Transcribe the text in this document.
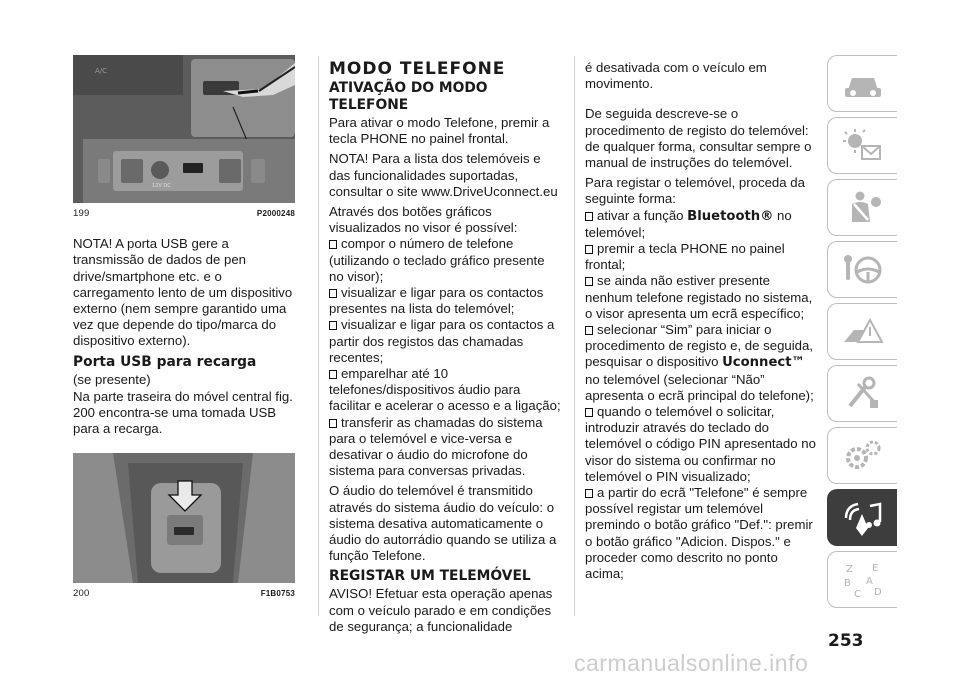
A/C
12V DC
199	P2000248

NOTA! A porta USB gere a transmissão de dados de pen drive/smartphone etc. e o carregamento lento de um dispositivo externo (nem sempre garantido uma vez que depende do tipo/marca do dispositivo externo).

Porta USB para recarga

(se presente)

Na parte traseira do móvel central fig. 200 encontra-se uma tomada USB para a recarga.

200	F1B0753
MODO TELEFONE
ATIVAÇÃO DO MODO TELEFONE

Para ativar o modo Telefone, premir a tecla PHONE no painel frontal.

NOTA! Para a lista dos telemóveis e das funcionalidades suportadas, consultar o site www.DriveUconnect.eu

Através dos botões gráficos visualizados no visor é possível:

compor o número de telefone (utilizando o teclado gráfico presente no visor);
visualizar e ligar para os contactos presentes na lista do telemóvel;
visualizar e ligar para os contactos a partir dos registos das chamadas recentes;
emparelhar até 10 telefones/dispositivos áudio para facilitar e acelerar o acesso e a ligação;
transferir as chamadas do sistema para o telemóvel e vice-versa e desativar o áudio do microfone do sistema para conversas privadas.

O áudio do telemóvel é transmitido através do sistema áudio do veículo: o sistema desativa automaticamente o áudio do autorrádio quando se utiliza a função Telefone.

REGISTAR UM TELEMÓVEL

AVISO! Efetuar esta operação apenas com o veículo parado e em condições de segurança; a funcionalidade

é desativada com o veículo em movimento.

De seguida descreve-se o procedimento de registo do telemóvel: de qualquer forma, consultar sempre o manual de instruções do telemóvel.

Para registar o telemóvel, proceda da seguinte forma:

ativar a função Bluetooth® no telemóvel;
premir a tecla PHONE no painel frontal;
se ainda não estiver presente nenhum telefone registado no sistema, o visor apresenta um ecrã específico;
selecionar “Sim” para iniciar o procedimento de registo e, de seguida, pesquisar o dispositivo Uconnect™ no telemóvel (selecionar “Não” apresenta o ecrã principal do telefone);
quando o telemóvel o solicitar, introduzir através do teclado do telemóvel o código PIN apresentado no visor do sistema ou confirmar no telemóvel o PIN visualizado;
a partir do ecrã "Telefone" é sempre possível registar um telemóvel premindo o botão gráfico "Def.": premir o botão gráfico "Adicion. Dispos." e proceder como descrito no ponto acima;	Z E
B A
C D
253
carmanualsonline.info
